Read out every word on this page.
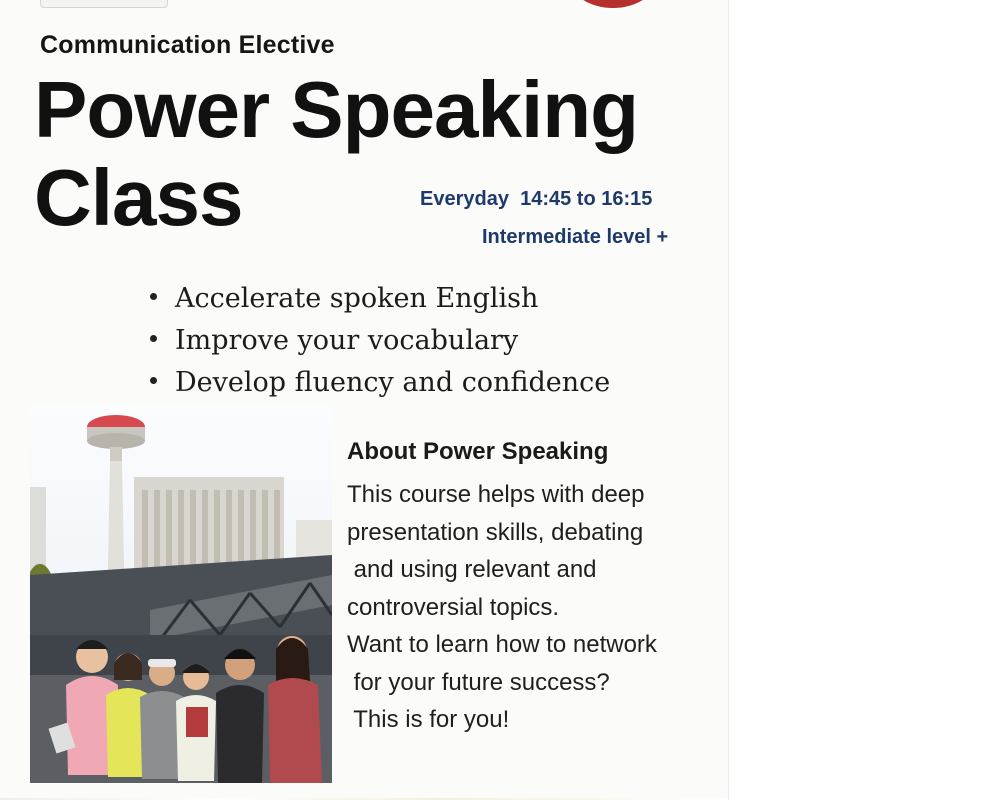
Communication Elective
Power Speaking
Class	Everyday  14:45 to 16:15
Intermediate level +
Accelerate spoken English
Improve your vocabulary
Develop fluency and confidence
About Power Speaking
This course helps with deep
presentation skills, debating
and using relevant and
controversial topics.
Want to learn how to network
for your future success?
This is for you!
